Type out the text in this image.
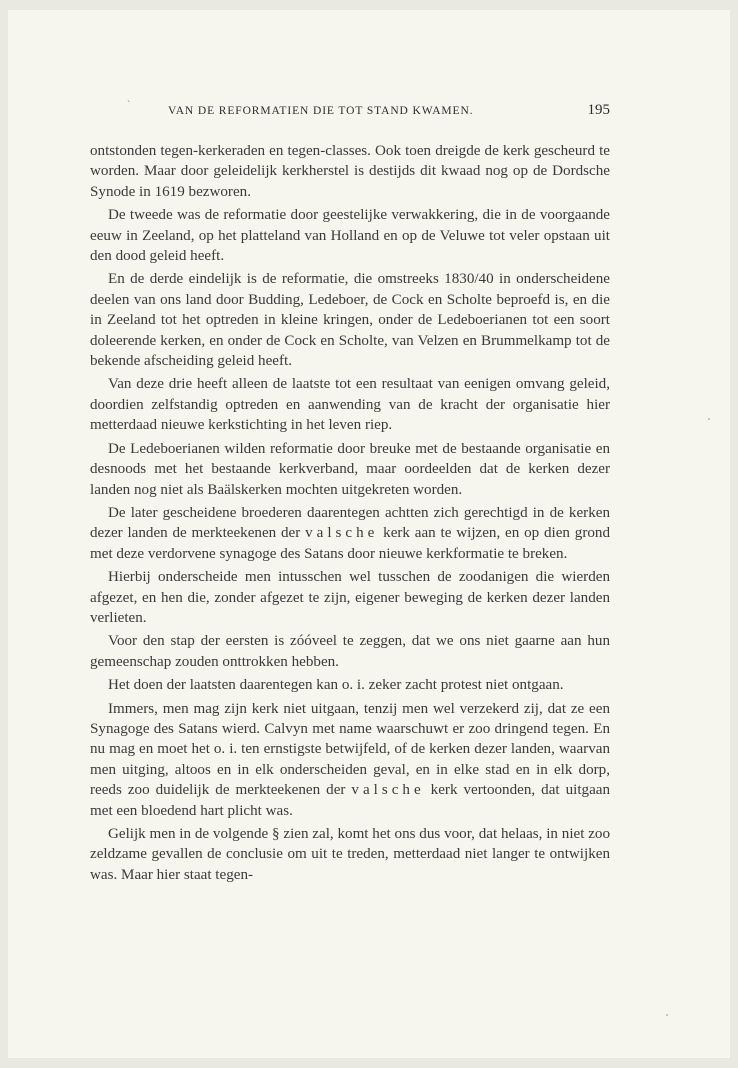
`	VAN DE REFORMATIEN DIE TOT STAND KWAMEN.	195

ontstonden tegen-kerkeraden en tegen-classes. Ook toen dreigde de kerk gescheurd te worden. Maar door geleidelijk kerkherstel is destijds dit kwaad nog op de Dordsche Synode in 1619 bezworen.

De tweede was de reformatie door geestelijke verwakkering, die in de voorgaande eeuw in Zeeland, op het platteland van Holland en op de Veluwe tot veler opstaan uit den dood geleid heeft.

En de derde eindelijk is de reformatie, die omstreeks 1830/40 in onderscheidene deelen van ons land door Budding, Ledeboer, de Cock en Scholte beproefd is, en die in Zeeland tot het optreden in kleine kringen, onder de Ledeboerianen tot een soort doleerende kerken, en onder de Cock en Scholte, van Velzen en Brummelkamp tot de bekende afscheiding geleid heeft.

Van deze drie heeft alleen de laatste tot een resultaat van eenigen omvang geleid, doordien zelfstandig optreden en aanwending van de kracht der organisatie hier metterdaad nieuwe kerkstichting in het leven riep.

De Ledeboerianen wilden reformatie door breuke met de bestaande organisatie en desnoods met het bestaande kerkverband, maar oordeelden dat de kerken dezer landen nog niet als Baälskerken mochten uitgekreten worden.

De later gescheidene broederen daarentegen achtten zich gerechtigd in de kerken dezer landen de merkteekenen der valsche kerk aan te wijzen, en op dien grond met deze verdorvene synagoge des Satans door nieuwe kerkformatie te breken.

Hierbij onderscheide men intusschen wel tusschen de zoodanigen die wierden afgezet, en hen die, zonder afgezet te zijn, eigener beweging de kerken dezer landen verlieten.

Voor den stap der eersten is zóóveel te zeggen, dat we ons niet gaarne aan hun gemeenschap zouden onttrokken hebben.

Het doen der laatsten daarentegen kan o. i. zeker zacht protest niet ontgaan.

Immers, men mag zijn kerk niet uitgaan, tenzij men wel verzekerd zij, dat ze een Synagoge des Satans wierd. Calvyn met name waarschuwt er zoo dringend tegen. En nu mag en moet het o. i. ten ernstigste betwijfeld, of de kerken dezer landen, waarvan men uitging, altoos en in elk onderscheiden geval, en in elke stad en in elk dorp, reeds zoo duidelijk de merkteekenen der valsche kerk vertoonden, dat uitgaan met een bloedend hart plicht was.

Gelijk men in de volgende § zien zal, komt het ons dus voor, dat helaas, in niet zoo zeldzame gevallen de conclusie om uit te treden, metterdaad niet langer te ontwijken was. Maar hier staat tegen-
